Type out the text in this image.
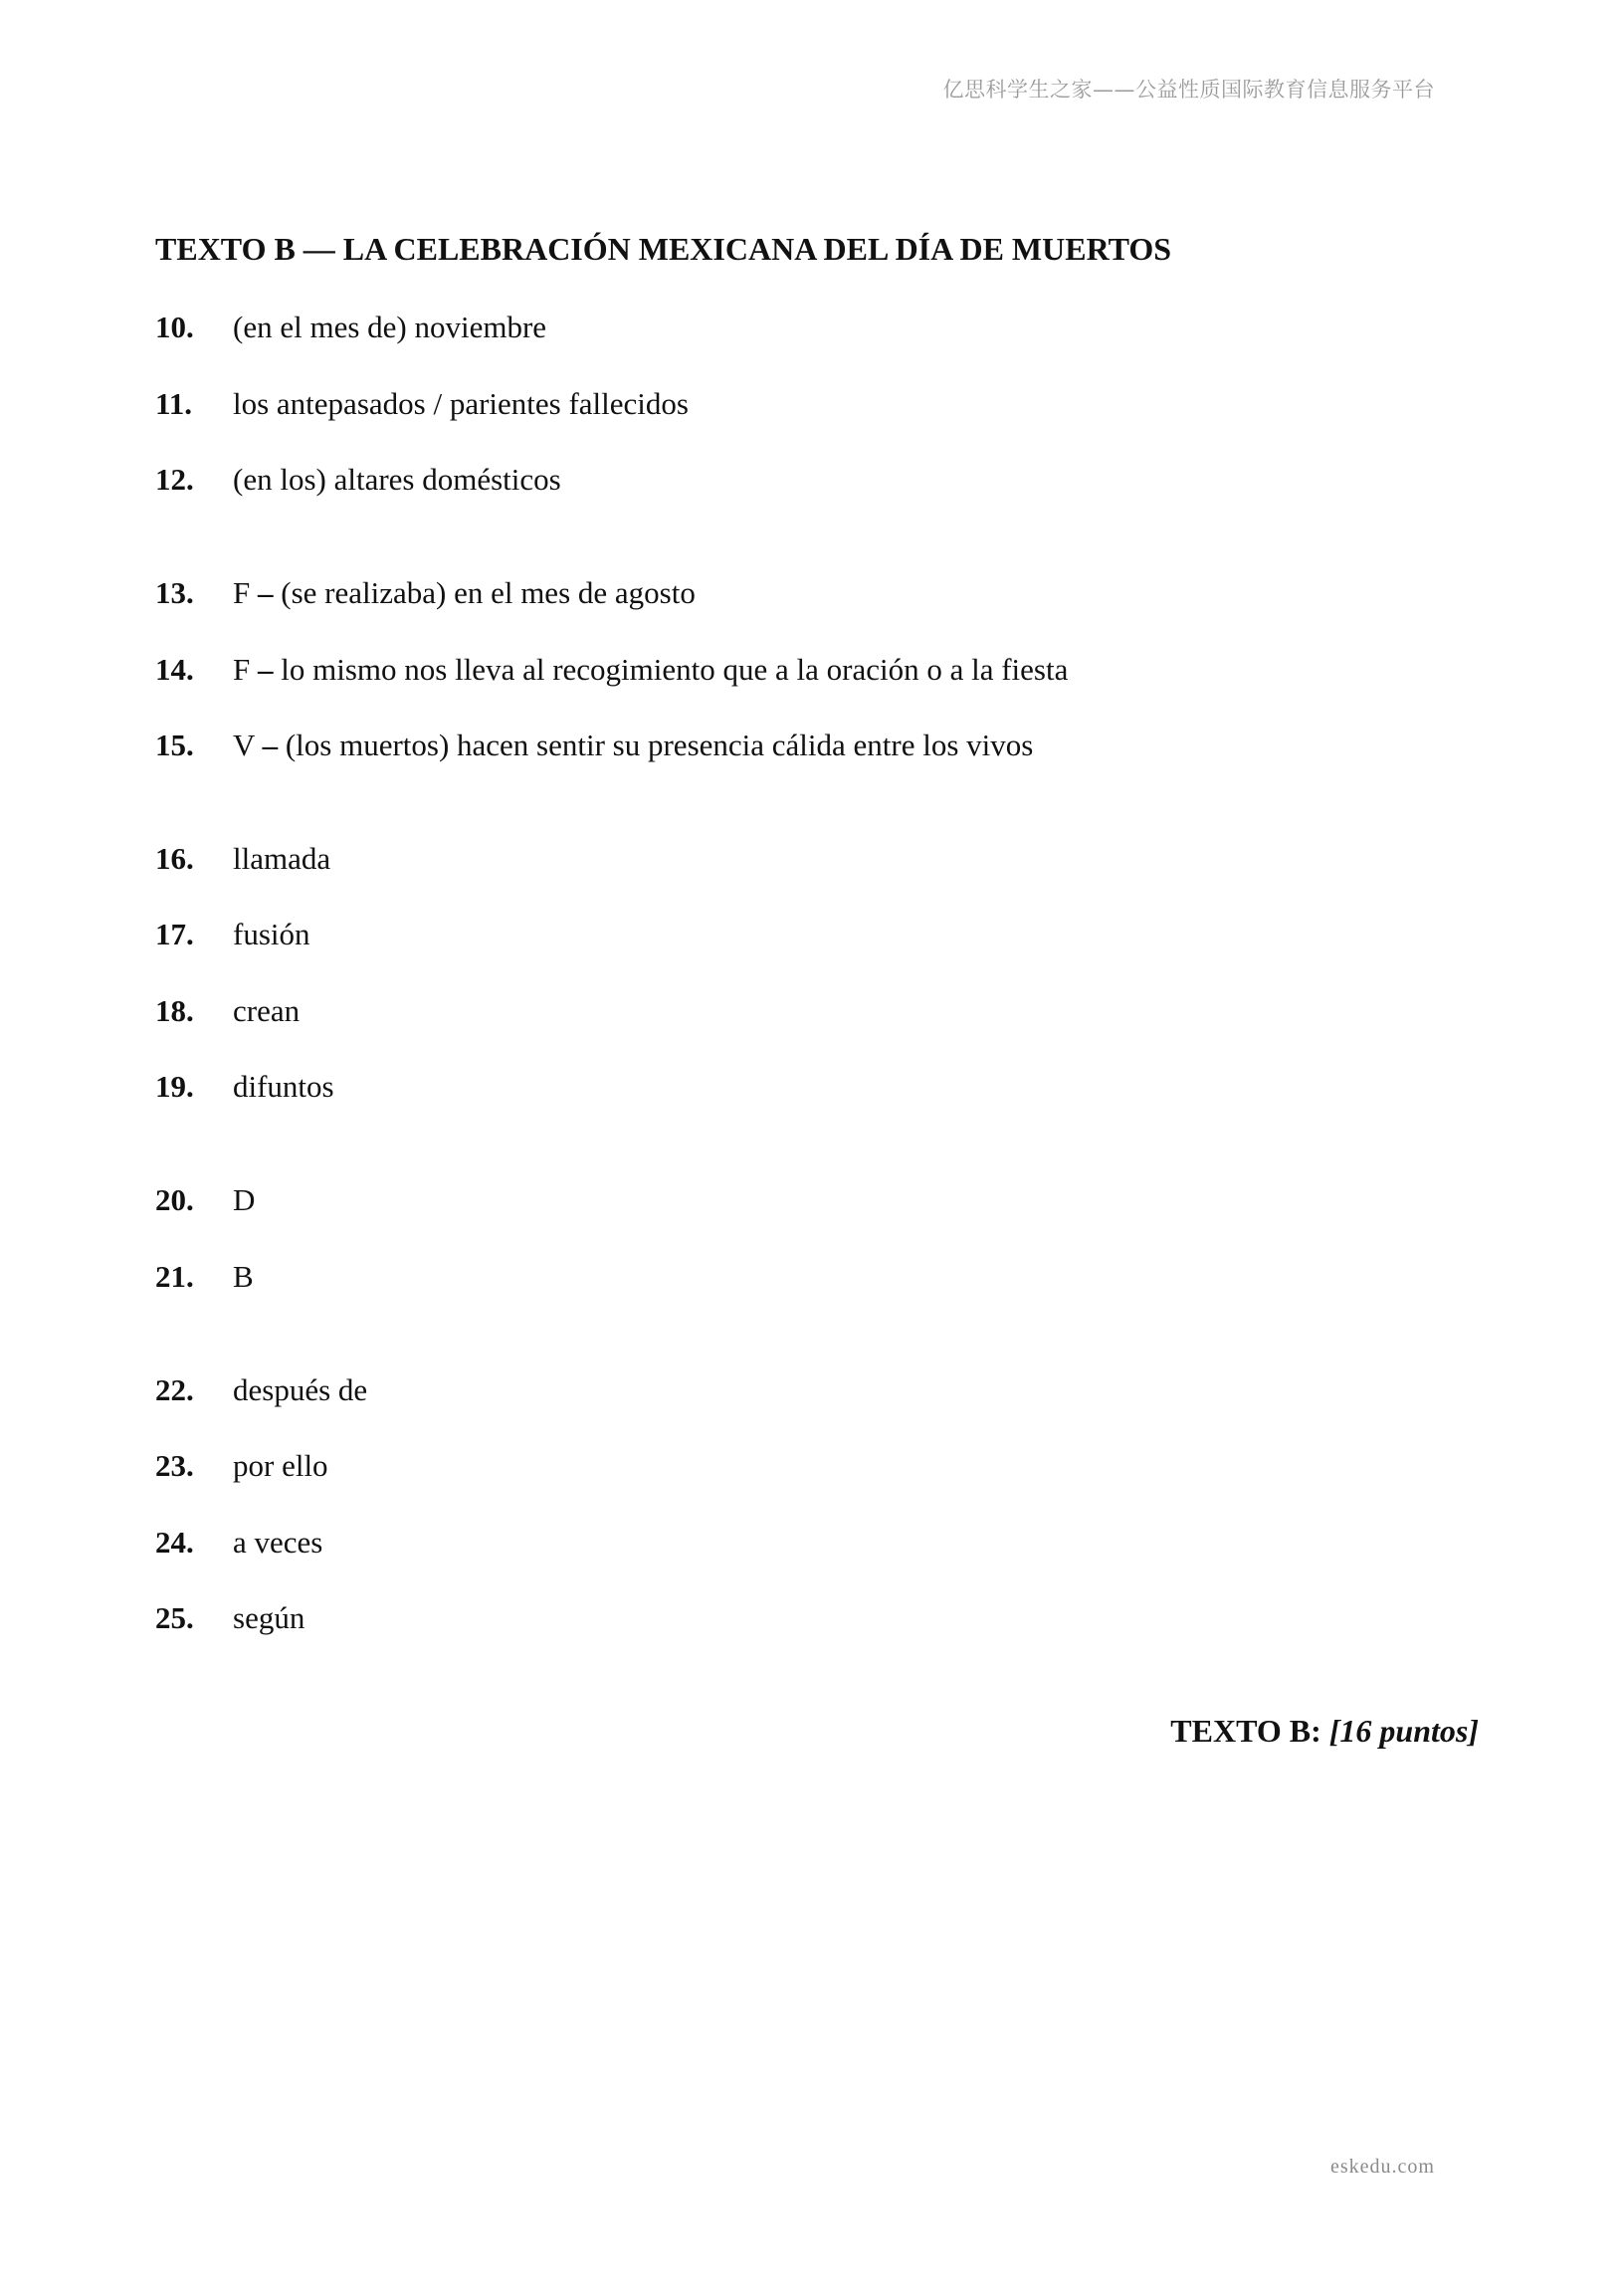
亿思科学生之家——公益性质国际教育信息服务平台
TEXTO B — LA CELEBRACIÓN MEXICANA DEL DÍA DE MUERTOS
10. (en el mes de) noviembre
11. los antepasados / parientes fallecidos
12. (en los) altares domésticos
13. F – (se realizaba) en el mes de agosto
14. F – lo mismo nos lleva al recogimiento que a la oración o a la fiesta
15. V – (los muertos) hacen sentir su presencia cálida entre los vivos
16. llamada
17. fusión
18. crean
19. difuntos
20. D
21. B
22. después de
23. por ello
24. a veces
25. según
TEXTO B: [16 puntos]
eskedu.com
